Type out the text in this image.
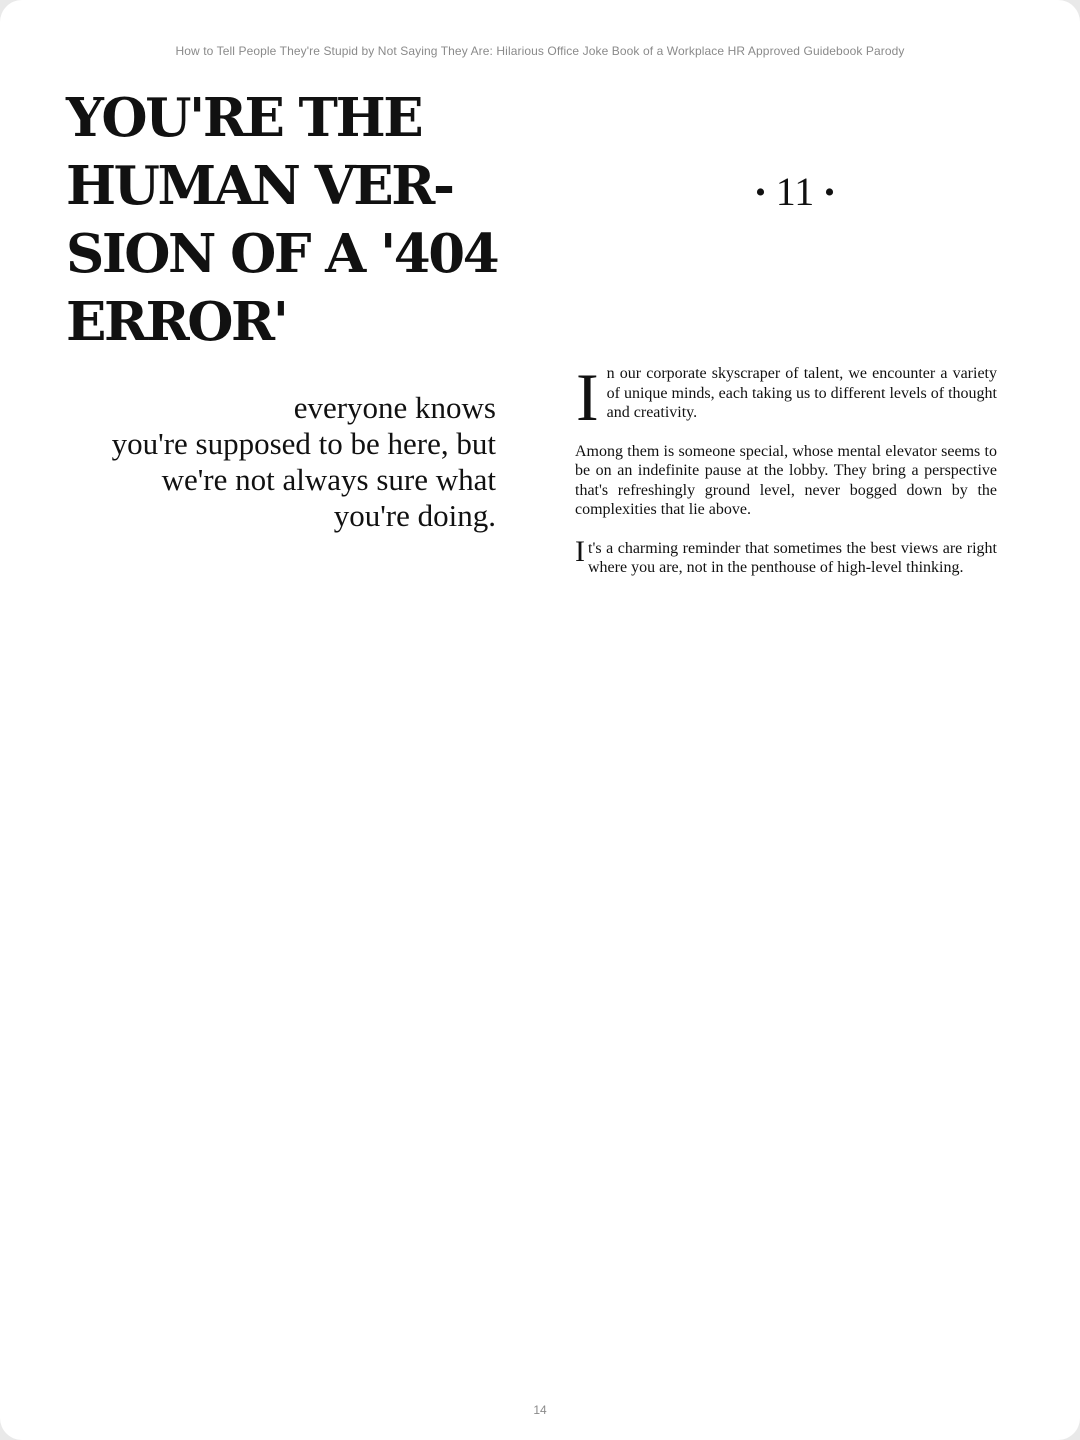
How to Tell People They're Stupid by Not Saying They Are: Hilarious Office Joke Book of a Workplace HR Approved Guidebook Parody
YOU'RE THE
HUMAN VER-
SION OF A '404
ERROR'
• 11 •

everyone knows
you're supposed to be here, but
we're not always sure what
you're doing.

In our corporate skyscraper of talent, we encounter a variety of unique minds, each taking us to different levels of thought and creativity.

Among them is someone special, whose mental elevator seems to be on an indefinite pause at the lobby. They bring a perspective that's refreshingly ground level, never bogged down by the complexities that lie above.

It's a charming reminder that sometimes the best views are right where you are, not in the penthouse of high-level thinking.

14
